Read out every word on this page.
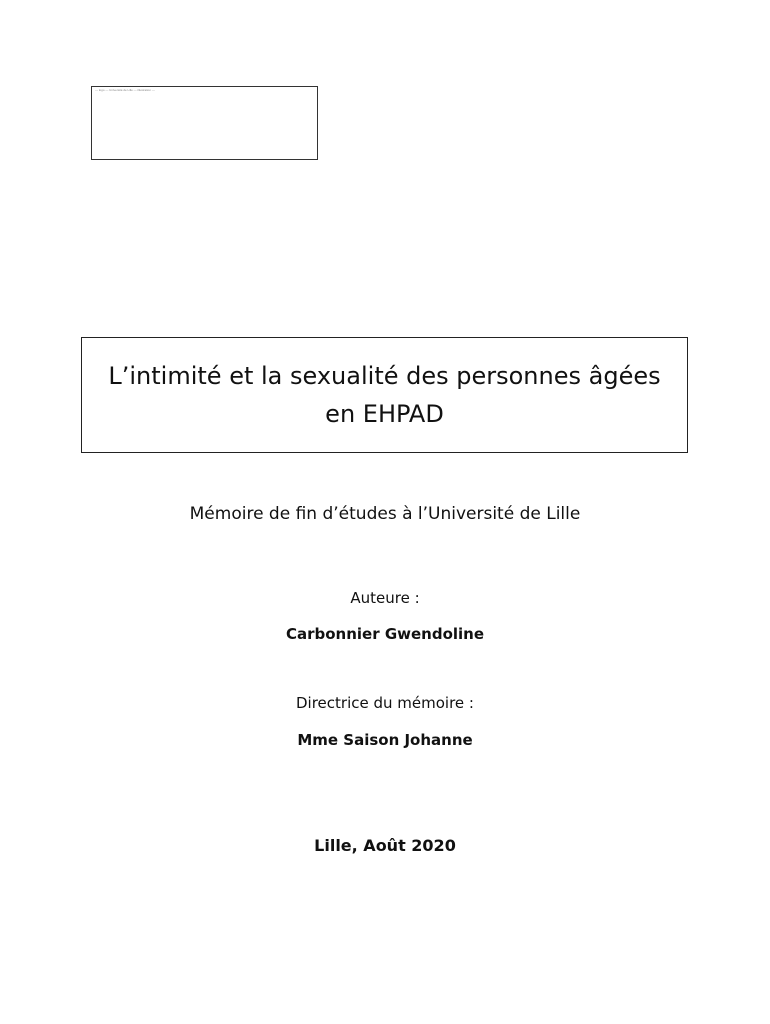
— logo — Université de Lille — illustration —
L’intimité et la sexualité des personnes âgées
en EHPAD
Mémoire de fin d’études à l’Université de Lille
Auteure :
Carbonnier Gwendoline
Directrice du mémoire :
Mme Saison Johanne
Lille, Août 2020
